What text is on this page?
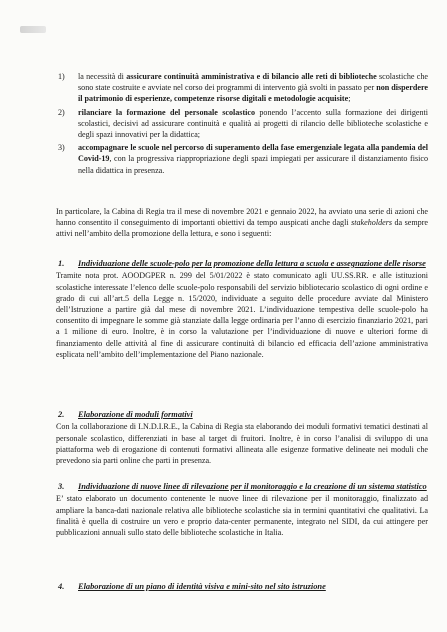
1) la necessità di assicurare continuità amministrativa e di bilancio alle reti di biblioteche scolastiche che sono state costruite e avviate nel corso dei programmi di intervento già svolti in passato per non disperdere il patrimonio di esperienze, competenze risorse digitali e metodologie acquisite;
2) rilanciare la formazione del personale scolastico ponendo l’accento sulla formazione dei dirigenti scolastici, decisivi ad assicurare continuità e qualità ai progetti di rilancio delle biblioteche scolastiche e degli spazi innovativi per la didattica;
3) accompagnare le scuole nel percorso di superamento della fase emergenziale legata alla pandemia del Covid-19, con la progressiva riappropriazione degli spazi impiegati per assicurare il distanziamento fisico nella didattica in presenza.

In particolare, la Cabina di Regia tra il mese di novembre 2021 e gennaio 2022, ha avviato una serie di azioni che hanno consentito il conseguimento di importanti obiettivi da tempo auspicati anche dagli stakeholders da sempre attivi nell’ambito della promozione della lettura, e sono i seguenti:

1. Individuazione delle scuole-polo per la promozione della lettura a scuola e assegnazione delle risorse
Tramite nota prot. AOODGPER n. 299 del 5/01/2022 è stato comunicato agli UU.SS.RR. e alle istituzioni scolastiche interessate l’elenco delle scuole-polo responsabili del servizio bibliotecario scolastico di ogni ordine e grado di cui all’art.5 della Legge n. 15/2020, individuate a seguito delle procedure avviate dal Ministero dell’Istruzione a partire già dal mese di novembre 2021. L’individuazione tempestiva delle scuole-polo ha consentito di impegnare le somme già stanziate dalla legge ordinaria per l’anno di esercizio finanziario 2021, pari a 1 milione di euro. Inoltre, è in corso la valutazione per l’individuazione di nuove e ulteriori forme di finanziamento delle attività al fine di assicurare continuità di bilancio ed efficacia dell’azione amministrativa esplicata nell’ambito dell’implementazione del Piano nazionale.
2. Elaborazione di moduli formativi
Con la collaborazione di I.N.D.I.R.E., la Cabina di Regia sta elaborando dei moduli formativi tematici destinati al personale scolastico, differenziati in base al target di fruitori. Inoltre, è in corso l’analisi di sviluppo di una piattaforma web di erogazione di contenuti formativi allineata alle esigenze formative delineate nei moduli che prevedono sia parti online che parti in presenza.
3. Individuazione di nuove linee di rilevazione per il monitoraggio e la creazione di un sistema statistico
E’ stato elaborato un documento contenente le nuove linee di rilevazione per il monitoraggio, finalizzato ad ampliare la banca-dati nazionale relativa alle biblioteche scolastiche sia in termini quantitativi che qualitativi. La finalità è quella di costruire un vero e proprio data-center permanente, integrato nel SIDI, da cui attingere per pubblicazioni annuali sullo stato delle biblioteche scolastiche in Italia.
4. Elaborazione di un piano di identità visiva e mini-sito nel sito istruzione
